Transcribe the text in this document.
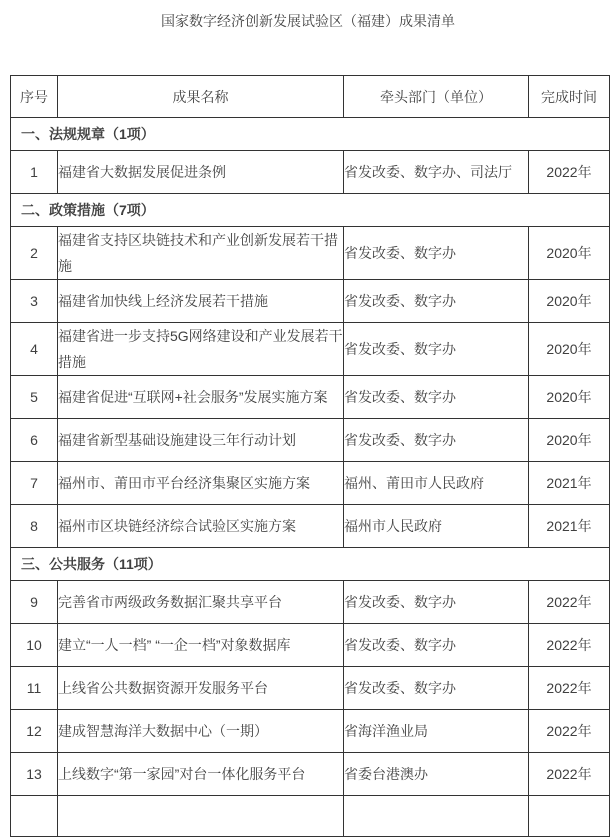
国家数字经济创新发展试验区（福建）成果清单
序号	成果名称	牵头部门（单位）	完成时间
一、法规规章（1项）			
1	福建省大数据发展促进条例	省发改委、数字办、司法厅	2022年
二、政策措施（7项）			
2	福建省支持区块链技术和产业创新发展若干措施	省发改委、数字办	2020年
3	福建省加快线上经济发展若干措施	省发改委、数字办	2020年
4	福建省进一步支持5G网络建设和产业发展若干措施	省发改委、数字办	2020年
5	福建省促进“互联网+社会服务”发展实施方案	省发改委、数字办	2020年
6	福建省新型基础设施建设三年行动计划	省发改委、数字办	2020年
7	福州市、莆田市平台经济集聚区实施方案	福州、莆田市人民政府	2021年
8	福州市区块链经济综合试验区实施方案	福州市人民政府	2021年
三、公共服务（11项）			
9	完善省市两级政务数据汇聚共享平台	省发改委、数字办	2022年
10	建立“一人一档” “一企一档”对象数据库	省发改委、数字办	2022年
11	上线省公共数据资源开发服务平台	省发改委、数字办	2022年
12	建成智慧海洋大数据中心（一期）	省海洋渔业局	2022年
13	上线数字“第一家园”对台一体化服务平台	省委台港澳办	2022年
